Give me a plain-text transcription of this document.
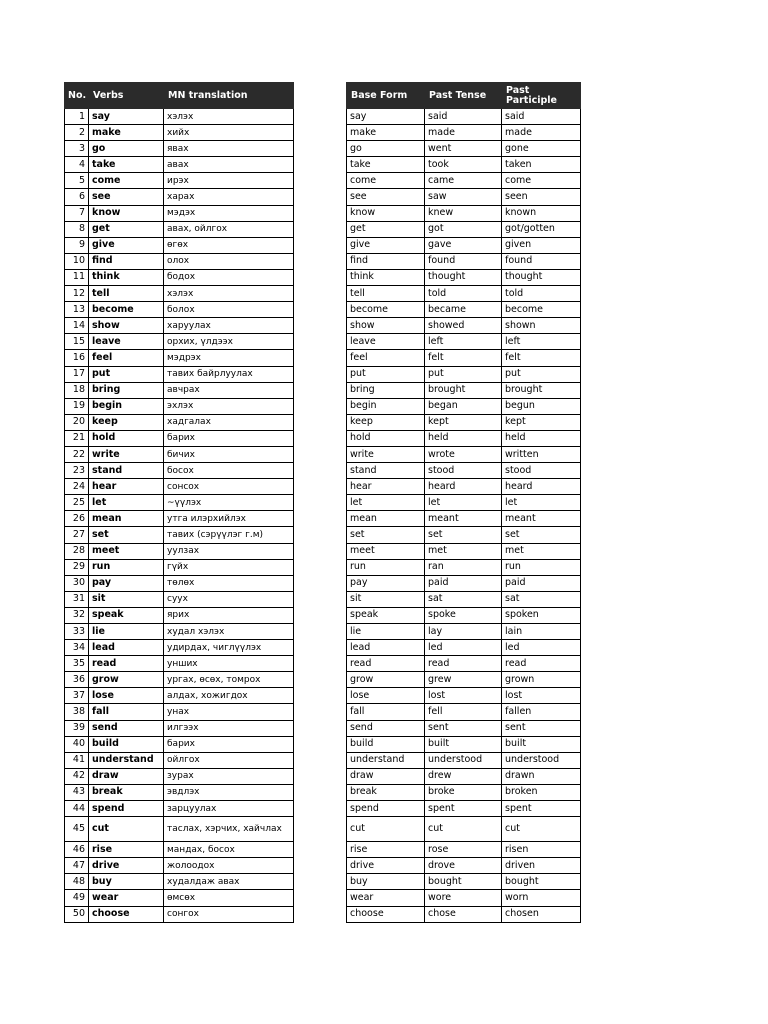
No.	Verbs	MN translation
1	say	хэлэх
2	make	хийх
3	go	явах
4	take	авах
5	come	ирэх
6	see	харах
7	know	мэдэх
8	get	авах, ойлгох
9	give	өгөх
10	find	олох
11	think	бодох
12	tell	хэлэх
13	become	болох
14	show	харуулах
15	leave	орхих, үлдээх
16	feel	мэдрэх
17	put	тавих байрлуулах
18	bring	авчрах
19	begin	эхлэх
20	keep	хадгалах
21	hold	барих
22	write	бичих
23	stand	босох
24	hear	сонсох
25	let	~үүлэх
26	mean	утга илэрхийлэх
27	set	тавих (сэрүүлэг г.м)
28	meet	уулзах
29	run	гүйх
30	pay	төлөх
31	sit	суух
32	speak	ярих
33	lie	худал хэлэх
34	lead	удирдах, чиглүүлэх
35	read	унших
36	grow	ургах, өсөх, томрох
37	lose	алдах, хожигдох
38	fall	унах
39	send	илгээх
40	build	барих
41	understand	ойлгох
42	draw	зурах
43	break	эвдлэх
44	spend	зарцуулах
45	cut	таслах, хэрчих, хайчлах
46	rise	мандах, босох
47	drive	жолоодох
48	buy	худалдаж авах
49	wear	өмсөх
50	choose	сонгох
Base Form	Past Tense	Past Participle
say	said	said
make	made	made
go	went	gone
take	took	taken
come	came	come
see	saw	seen
know	knew	known
get	got	got/gotten
give	gave	given
find	found	found
think	thought	thought
tell	told	told
become	became	become
show	showed	shown
leave	left	left
feel	felt	felt
put	put	put
bring	brought	brought
begin	began	begun
keep	kept	kept
hold	held	held
write	wrote	written
stand	stood	stood
hear	heard	heard
let	let	let
mean	meant	meant
set	set	set
meet	met	met
run	ran	run
pay	paid	paid
sit	sat	sat
speak	spoke	spoken
lie	lay	lain
lead	led	led
read	read	read
grow	grew	grown
lose	lost	lost
fall	fell	fallen
send	sent	sent
build	built	built
understand	understood	understood
draw	drew	drawn
break	broke	broken
spend	spent	spent
cut	cut	cut
rise	rose	risen
drive	drove	driven
buy	bought	bought
wear	wore	worn
choose	chose	chosen
